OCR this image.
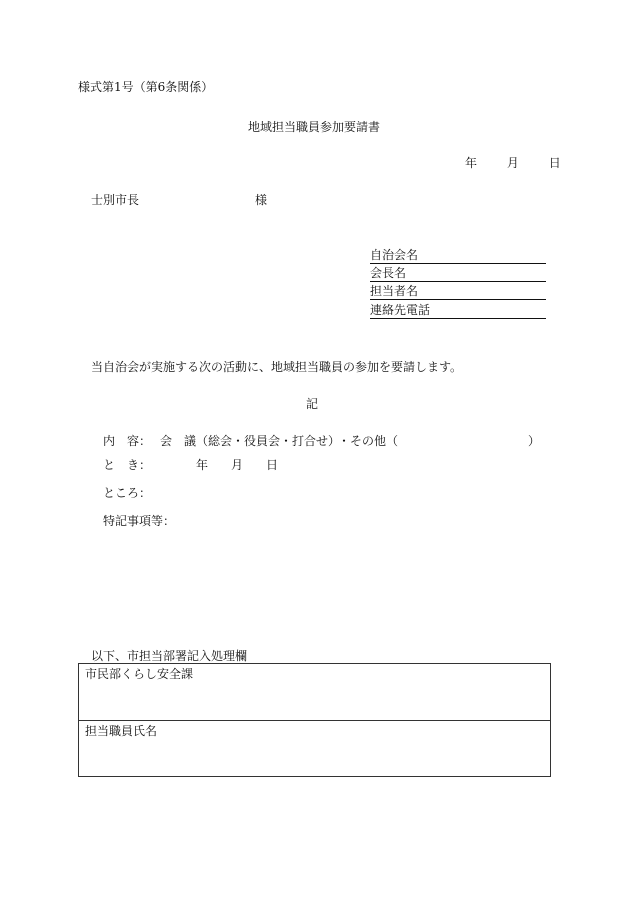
様式第1号（第6条関係）
地域担当職員参加要請書
年 月 日
士別市長	様
自治会名
会長名
担当者名
連絡先電話
当自治会が実施する次の活動に、地域担当職員の参加を要請します。
記
内　容： 会　議（総会・役員会・打合せ）
・その他（	）
と　き：	年 月 日
ところ：
特記事項等：
以下、市担当部署記入処理欄
市民部くらし安全課
担当職員氏名
